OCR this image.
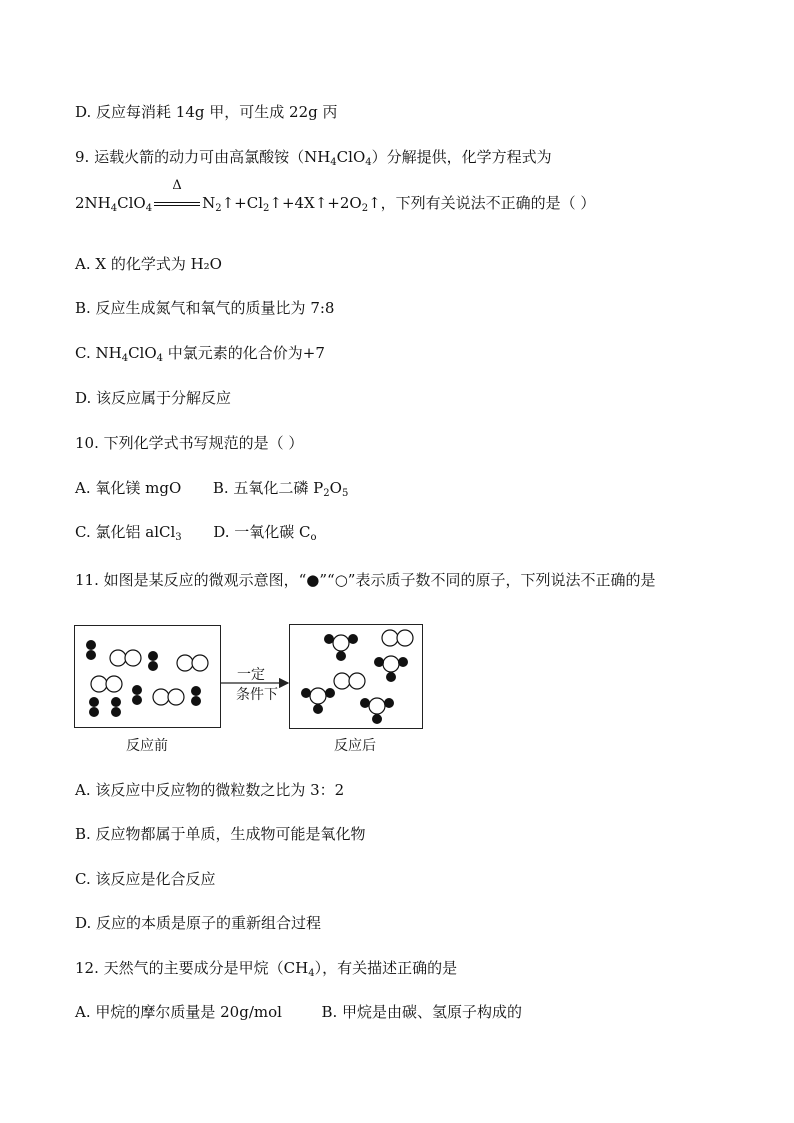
D. 反应每消耗 14g 甲，可生成 22g 丙
9. 运载火箭的动力可由高氯酸铵$(NH_4ClO_4)$分解提供，化学方程式为
$2NH_4ClO_4$
Δ
$N_2↑+Cl_2↑+4X↑+2O_2↑$，下列有关说法不正确的是（ ）
A. X 的化学式为 H₂O
B. 反应生成氮气和氧气的质量比为 7:8
C. $NH_4ClO_4$ 中氯元素的化合价为+7
D. 该反应属于分解反应
10. 下列化学式书写规范的是（ ）
A. 氧化镁 mgO B. 五氧化二磷 $P_2O_5$
C. 氯化铝 alCl$_3$ D. 一氧化碳 $C_o$
11. 如图是某反应的微观示意图，“●”“○”表示质子数不同的原子，下列说法不正确的是
一定
条件下
反应前	反应后
A. 该反应中反应物的微粒数之比为 3：2
B. 反应物都属于单质，生成物可能是氧化物
C. 该反应是化合反应
D. 反应的本质是原子的重新组合过程
12. 天然气的主要成分是甲烷$(CH_4)$，有关描述正确的是
A. 甲烷的摩尔质量是 20g/mol	B. 甲烷是由碳、氢原子构成的
